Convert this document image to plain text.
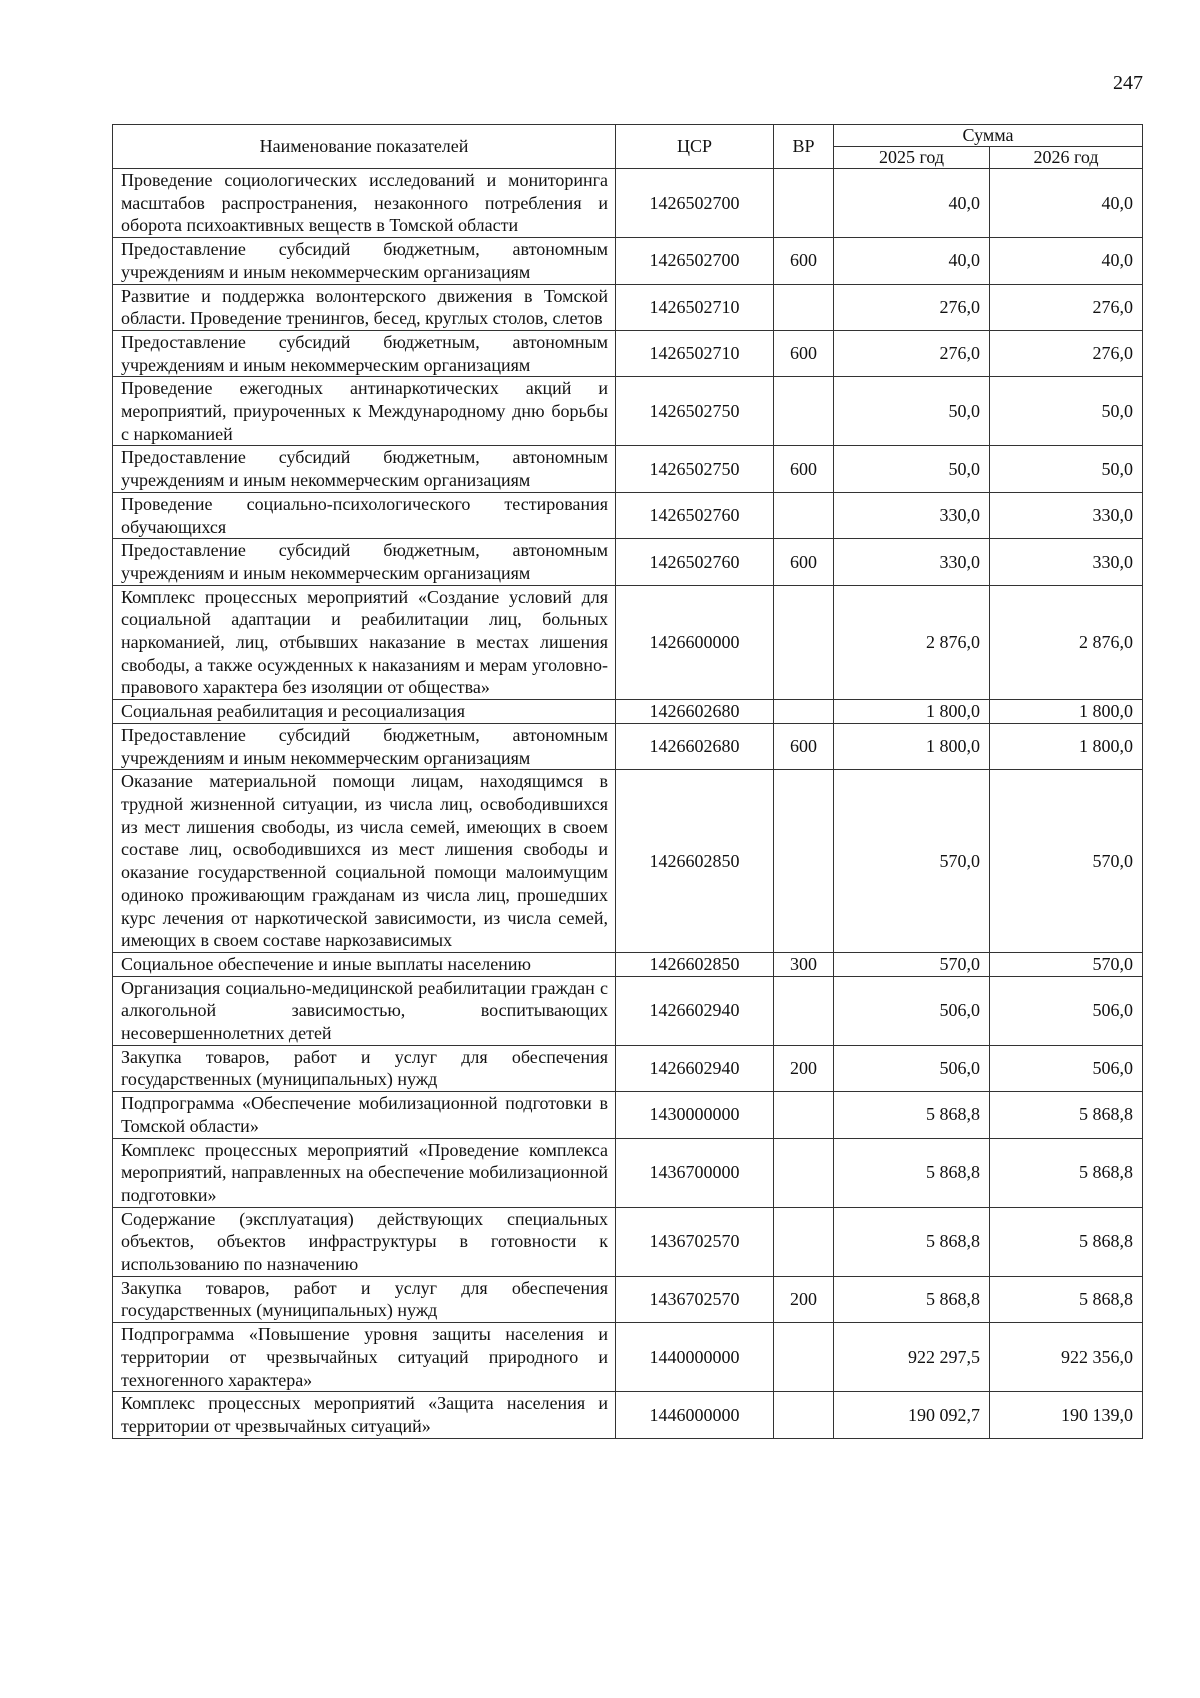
247
Наименование показателей	ЦСР	ВР	Сумма	
			2025 год	2026 год
Проведение социологических исследований и мониторинга масштабов распространения, незаконного потребления и оборота психоактивных веществ в Томской области	1426502700		40,0	40,0
Предоставление субсидий бюджетным, автономным учреждениям и иным некоммерческим организациям	1426502700	600	40,0	40,0
Развитие и поддержка волонтерского движения в Томской области. Проведение тренингов, бесед, круглых столов, слетов	1426502710		276,0	276,0
Предоставление субсидий бюджетным, автономным учреждениям и иным некоммерческим организациям	1426502710	600	276,0	276,0
Проведение ежегодных антинаркотических акций и мероприятий, приуроченных к Международному дню борьбы с наркоманией	1426502750		50,0	50,0
Предоставление субсидий бюджетным, автономным учреждениям и иным некоммерческим организациям	1426502750	600	50,0	50,0
Проведение социально-психологического тестирования обучающихся	1426502760		330,0	330,0
Предоставление субсидий бюджетным, автономным учреждениям и иным некоммерческим организациям	1426502760	600	330,0	330,0
Комплекс процессных мероприятий «Создание условий для социальной адаптации и реабилитации лиц, больных наркоманией, лиц, отбывших наказание в местах лишения свободы, а также осужденных к наказаниям и мерам уголовно-правового характера без изоляции от общества»	1426600000		2 876,0	2 876,0
Социальная реабилитация и ресоциализация	1426602680		1 800,0	1 800,0
Предоставление субсидий бюджетным, автономным учреждениям и иным некоммерческим организациям	1426602680	600	1 800,0	1 800,0
Оказание материальной помощи лицам, находящимся в трудной жизненной ситуации, из числа лиц, освободившихся из мест лишения свободы, из числа семей, имеющих в своем составе лиц, освободившихся из мест лишения свободы и оказание государственной социальной помощи малоимущим одиноко проживающим гражданам из числа лиц, прошедших курс лечения от наркотической зависимости, из числа семей, имеющих в своем составе наркозависимых	1426602850		570,0	570,0
Социальное обеспечение и иные выплаты населению	1426602850	300	570,0	570,0
Организация социально-медицинской реабилитации граждан с алкогольной зависимостью, воспитывающих несовершеннолетних детей	1426602940		506,0	506,0
Закупка товаров, работ и услуг для обеспечения государственных (муниципальных) нужд	1426602940	200	506,0	506,0
Подпрограмма «Обеспечение мобилизационной подготовки в Томской области»	1430000000		5 868,8	5 868,8
Комплекс процессных мероприятий «Проведение комплекса мероприятий, направленных на обеспечение мобилизационной подготовки»	1436700000		5 868,8	5 868,8
Содержание (эксплуатация) действующих специальных объектов, объектов инфраструктуры в готовности к использованию по назначению	1436702570		5 868,8	5 868,8
Закупка товаров, работ и услуг для обеспечения государственных (муниципальных) нужд	1436702570	200	5 868,8	5 868,8
Подпрограмма «Повышение уровня защиты населения и территории от чрезвычайных ситуаций природного и техногенного характера»	1440000000		922 297,5	922 356,0
Комплекс процессных мероприятий «Защита населения и территории от чрезвычайных ситуаций»	1446000000		190 092,7	190 139,0
